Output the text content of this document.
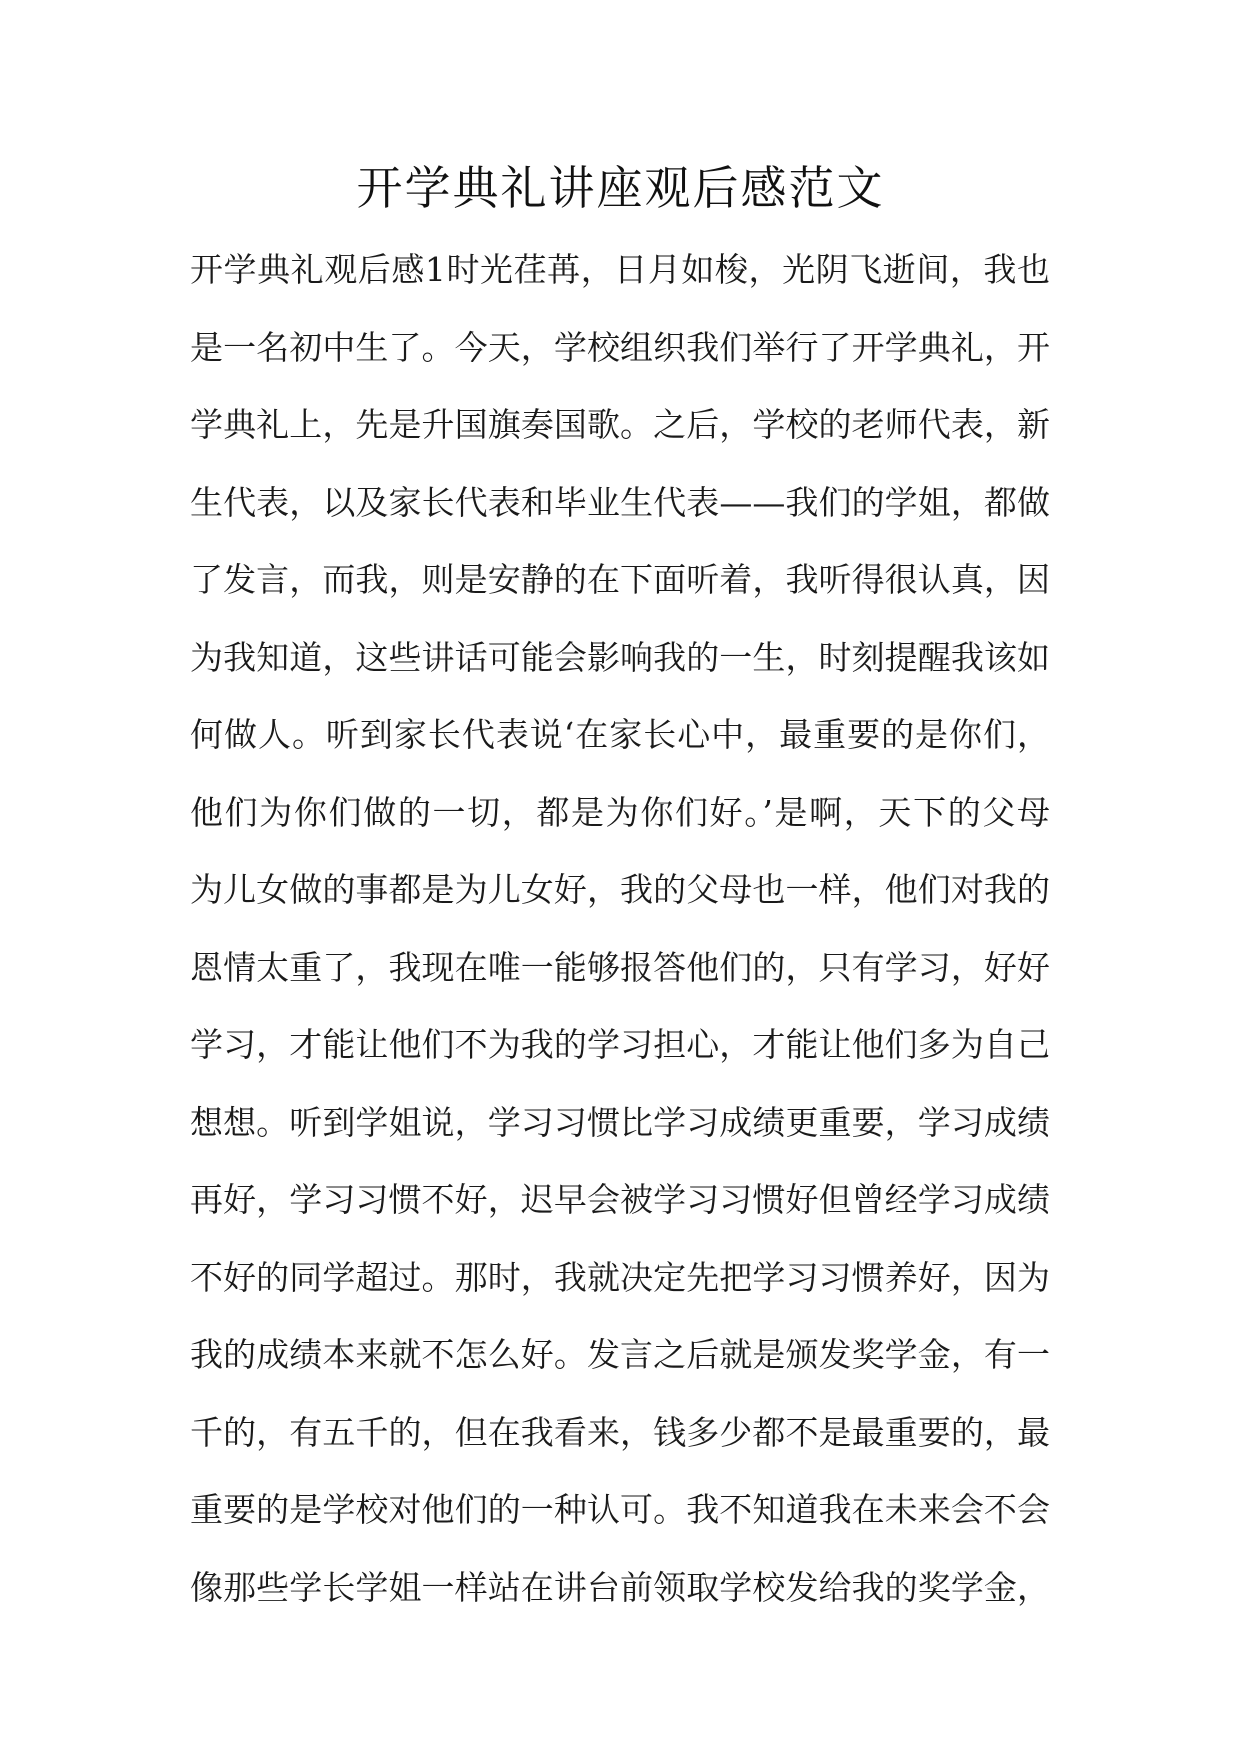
开学典礼讲座观后感范文
开学典礼观后感1时光荏苒，日月如梭，光阴飞逝间，我也
是一名初中生了。今天，学校组织我们举行了开学典礼，开
学典礼上，先是升国旗奏国歌。之后，学校的老师代表，新
生代表，以及家长代表和毕业生代表——我们的学姐，都做
了发言，而我，则是安静的在下面听着，我听得很认真，因
为我知道，这些讲话可能会影响我的一生，时刻提醒我该如
何做人。听到家长代表说‘在家长心中，最重要的是你们，
他们为你们做的一切，都是为你们好。’是啊，天下的父母
为儿女做的事都是为儿女好，我的父母也一样，他们对我的
恩情太重了，我现在唯一能够报答他们的，只有学习，好好
学习，才能让他们不为我的学习担心，才能让他们多为自己
想想。听到学姐说，学习习惯比学习成绩更重要，学习成绩
再好，学习习惯不好，迟早会被学习习惯好但曾经学习成绩
不好的同学超过。那时，我就决定先把学习习惯养好，因为
我的成绩本来就不怎么好。发言之后就是颁发奖学金，有一
千的，有五千的，但在我看来，钱多少都不是最重要的，最
重要的是学校对他们的一种认可。我不知道我在未来会不会
像那些学长学姐一样站在讲台前领取学校发给我的奖学金，
